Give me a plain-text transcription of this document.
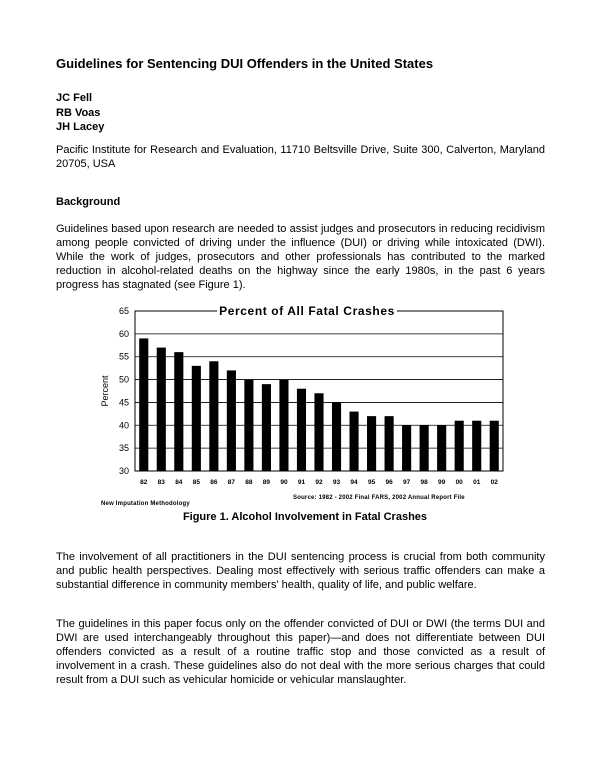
Guidelines for Sentencing DUI Offenders in the United States
JC Fell
RB Voas
JH Lacey

Pacific Institute for Research and Evaluation, 11710 Beltsville Drive, Suite 300, Calverton, Maryland 20705, USA

Background

Guidelines based upon research are needed to assist judges and prosecutors in reducing recidivism among people convicted of driving under the influence (DUI) or driving while intoxicated (DWI). While the work of judges, prosecutors and other professionals has contributed to the marked reduction in alcohol-related deaths on the highway since the early 1980s, in the past 6 years progress has stagnated (see Figure 1).

30
35
40
45
50
55
60
65
82 83 84 85 86 87 88 89 90 91 92 93 94 95 96 97 98 99 00 01 02
Percent of All Fatal Crashes
Percent
New Imputation Methodology
Source: 1982 - 2002 Final FARS, 2002 Annual Report File
Figure 1. Alcohol Involvement in Fatal Crashes

The involvement of all practitioners in the DUI sentencing process is crucial from both community and public health perspectives. Dealing most effectively with serious traffic offenders can make a substantial difference in community members' health, quality of life, and public welfare.

The guidelines in this paper focus only on the offender convicted of DUI or DWI (the terms DUI and DWI are used interchangeably throughout this paper)—and does not differentiate between DUI offenders convicted as a result of a routine traffic stop and those convicted as a result of involvement in a crash. These guidelines also do not deal with the more serious charges that could result from a DUI such as vehicular homicide or vehicular manslaughter.
